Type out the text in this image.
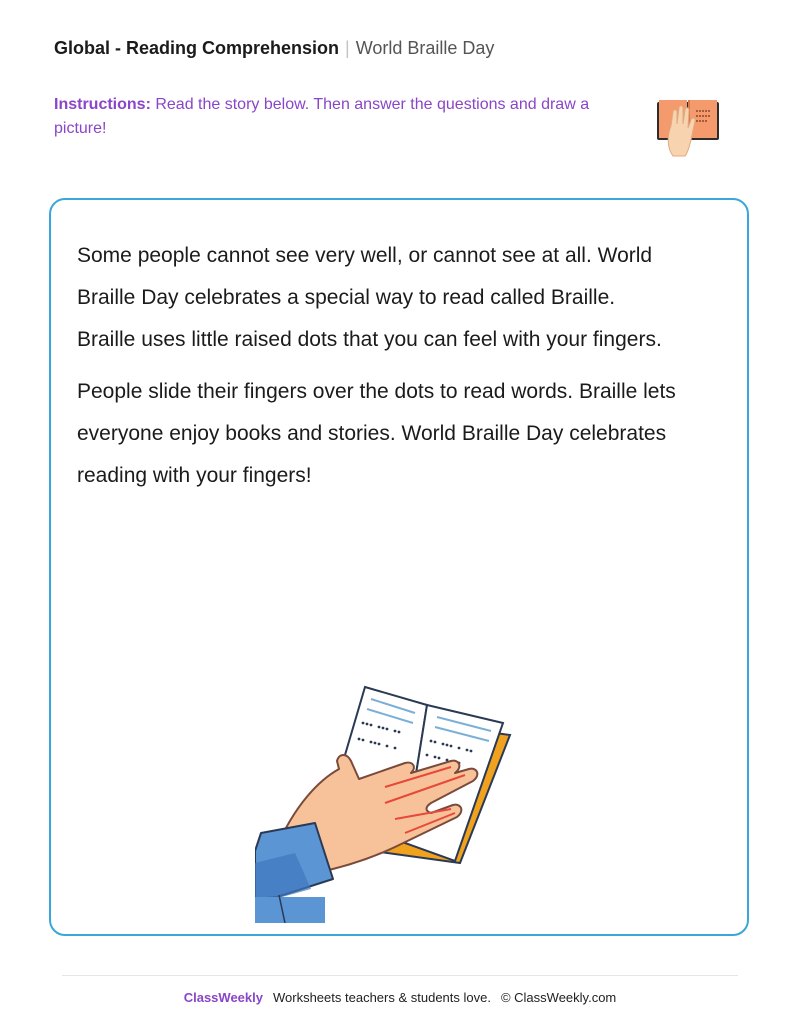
Global - Reading Comprehension | World Braille Day
Instructions: Read the story below. Then answer the questions and draw a picture!

Some people cannot see very well, or cannot see at all. World Braille Day celebrates a special way to read called Braille. Braille uses little raised dots that you can feel with your fingers.

People slide their fingers over the dots to read words. Braille lets everyone enjoy books and stories. World Braille Day celebrates reading with your fingers!

ClassWeekly Worksheets teachers & students love. © ClassWeekly.com
